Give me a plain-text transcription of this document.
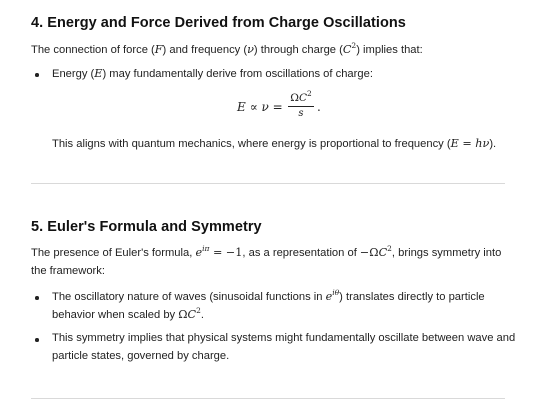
4. Energy and Force Derived from Charge Oscillations
The connection of force (F) and frequency (ν) through charge $(C^2)$ implies that:
Energy (E) may fundamentally derive from oscillations of charge:
E ∝ ν =
$\Omega C^2$
s	.
This aligns with quantum mechanics, where energy is proportional to frequency (E = hν).
5. Euler's Formula and Symmetry
The presence of Euler's formula, $e^{i\pi} = -1$, as a representation of $-\Omega C^2$, brings symmetry into
the framework:
The oscillatory nature of waves (sinusoidal functions in $e^{i\theta}$) translates directly to particle
behavior when scaled by $\Omega C^2$.
This symmetry implies that physical systems might fundamentally oscillate between wave and
particle states, governed by charge.
